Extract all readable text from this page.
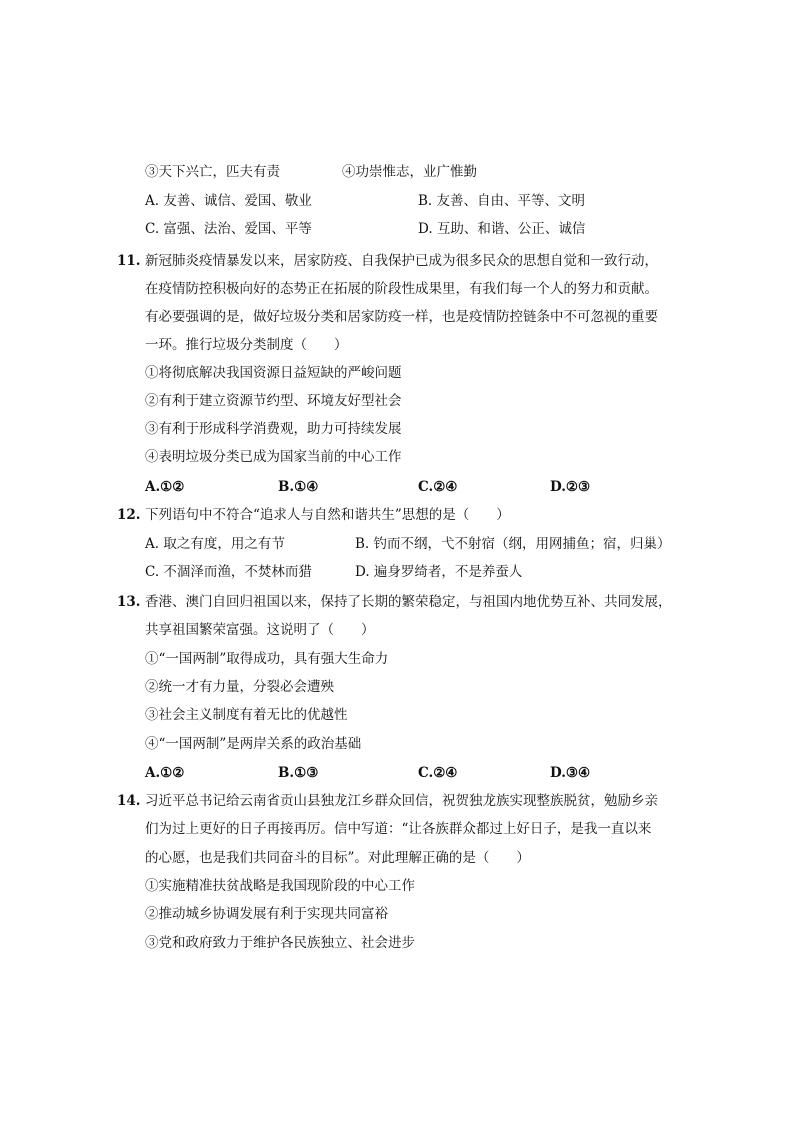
③天下兴亡，匹夫有责	④功崇惟志，业广惟勤
A. 友善、诚信、爱国、敬业	B. 友善、自由、平等、文明
C. 富强、法治、爱国、平等	D. 互助、和谐、公正、诚信
11. 新冠肺炎疫情暴发以来，居家防疫、自我保护已成为很多民众的思想自觉和一致行动，
在疫情防控积极向好的态势正在拓展的阶段性成果里，有我们每一个人的努力和贡献。
有必要强调的是，做好垃圾分类和居家防疫一样，也是疫情防控链条中不可忽视的重要
一环。推行垃圾分类制度（　　）
①将彻底解决我国资源日益短缺的严峻问题
②有利于建立资源节约型、环境友好型社会
③有利于形成科学消费观，助力可持续发展
④表明垃圾分类已成为国家当前的中心工作
A.①②	B.①④	C.②④	D.②③
12. 下列语句中不符合“追求人与自然和谐共生”思想的是（　　）
A. 取之有度，用之有节	B. 钓而不纲，弋不射宿（纲，用网捕鱼；宿，归巢）
C. 不涸泽而渔，不焚林而猎	D. 遍身罗绮者，不是养蚕人
13. 香港、澳门自回归祖国以来，保持了长期的繁荣稳定，与祖国内地优势互补、共同发展，
共享祖国繁荣富强。这说明了（　　）
①“一国两制”取得成功，具有强大生命力
②统一才有力量，分裂必会遭殃
③社会主义制度有着无比的优越性
④“一国两制”是两岸关系的政治基础
A.①②	B.①③	C.②④	D.③④
14. 习近平总书记给云南省贡山县独龙江乡群众回信，祝贺独龙族实现整族脱贫，勉励乡亲
们为过上更好的日子再接再厉。信中写道：“让各族群众都过上好日子，是我一直以来
的心愿，也是我们共同奋斗的目标”。对此理解正确的是（　　）
①实施精准扶贫战略是我国现阶段的中心工作
②推动城乡协调发展有利于实现共同富裕
③党和政府致力于维护各民族独立、社会进步
